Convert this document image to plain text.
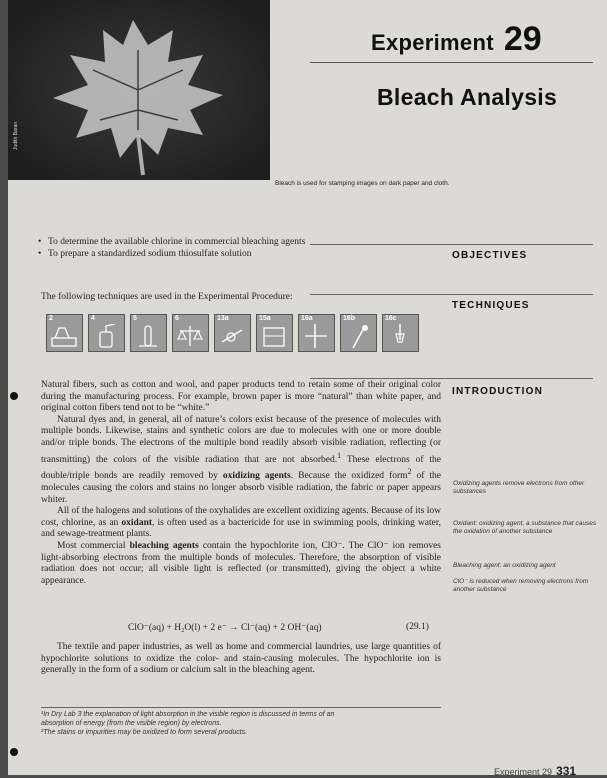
Judith Baran
Bleach is used for stamping images on dark paper and cloth.
Experiment 29
Bleach Analysis
OBJECTIVES
• To determine the available chlorine in commercial bleaching agents
• To prepare a standardized sodium thiosulfate solution
TECHNIQUES
The following techniques are used in the Experimental Procedure:
2	4	5	6	13a	15a	16a	16b	16c
INTRODUCTION

Natural fibers, such as cotton and wool, and paper products tend to retain some of their original color during the manufacturing process. For example, brown paper is more “natural” than white paper, and original cotton fibers tend not to be “white.”

Natural dyes and, in general, all of nature’s colors exist because of the presence of molecules with multiple bonds. Likewise, stains and synthetic colors are due to molecules with one or more double and/or triple bonds. The electrons of the multiple bond readily absorb visible radiation, reflecting (or transmitting) the colors of the visible radiation that are not absorbed.$^1$ These electrons of the double/triple bonds are readily removed by oxidizing agents. Because the oxidized form$^2$ of the molecules causing the colors and stains no longer absorb visible radiation, the fabric or paper appears whiter.

All of the halogens and solutions of the oxyhalides are excellent oxidizing agents. Because of its low cost, chlorine, as an oxidant, is often used as a bactericide for use in swimming pools, drinking water, and sewage-treatment plants.

Most commercial bleaching agents contain the hypochlorite ion, ClO⁻. The ClO⁻ ion removes light-absorbing electrons from the multiple bonds of molecules. Therefore, the absorption of visible radiation does not occur; all visible light is reflected (or transmitted), giving the object a white appearance.

ClO⁻(aq) + H₂O(l) + 2 e⁻ → Cl⁻(aq) + 2 OH⁻(aq)	(29.1)
The textile and paper industries, as well as home and commercial laundries, use large quantities of hypochlorite solutions to oxidize the color- and stain-causing molecules. The hypochlorite ion is generally in the form of a sodium or calcium salt in the bleaching agent.
Oxidizing agents remove electrons from other substances
Oxidant: oxidizing agent, a substance that causes the oxidation of another substance
Bleaching agent: an oxidizing agent
ClO⁻ is reduced when removing electrons from another substance
¹In Dry Lab 3 the explanation of light absorption in the visible region is discussed in terms of an
absorption of energy (from the visible region) by electrons.
²The stains or impurities may be oxidized to form several products.
Experiment 29 331
